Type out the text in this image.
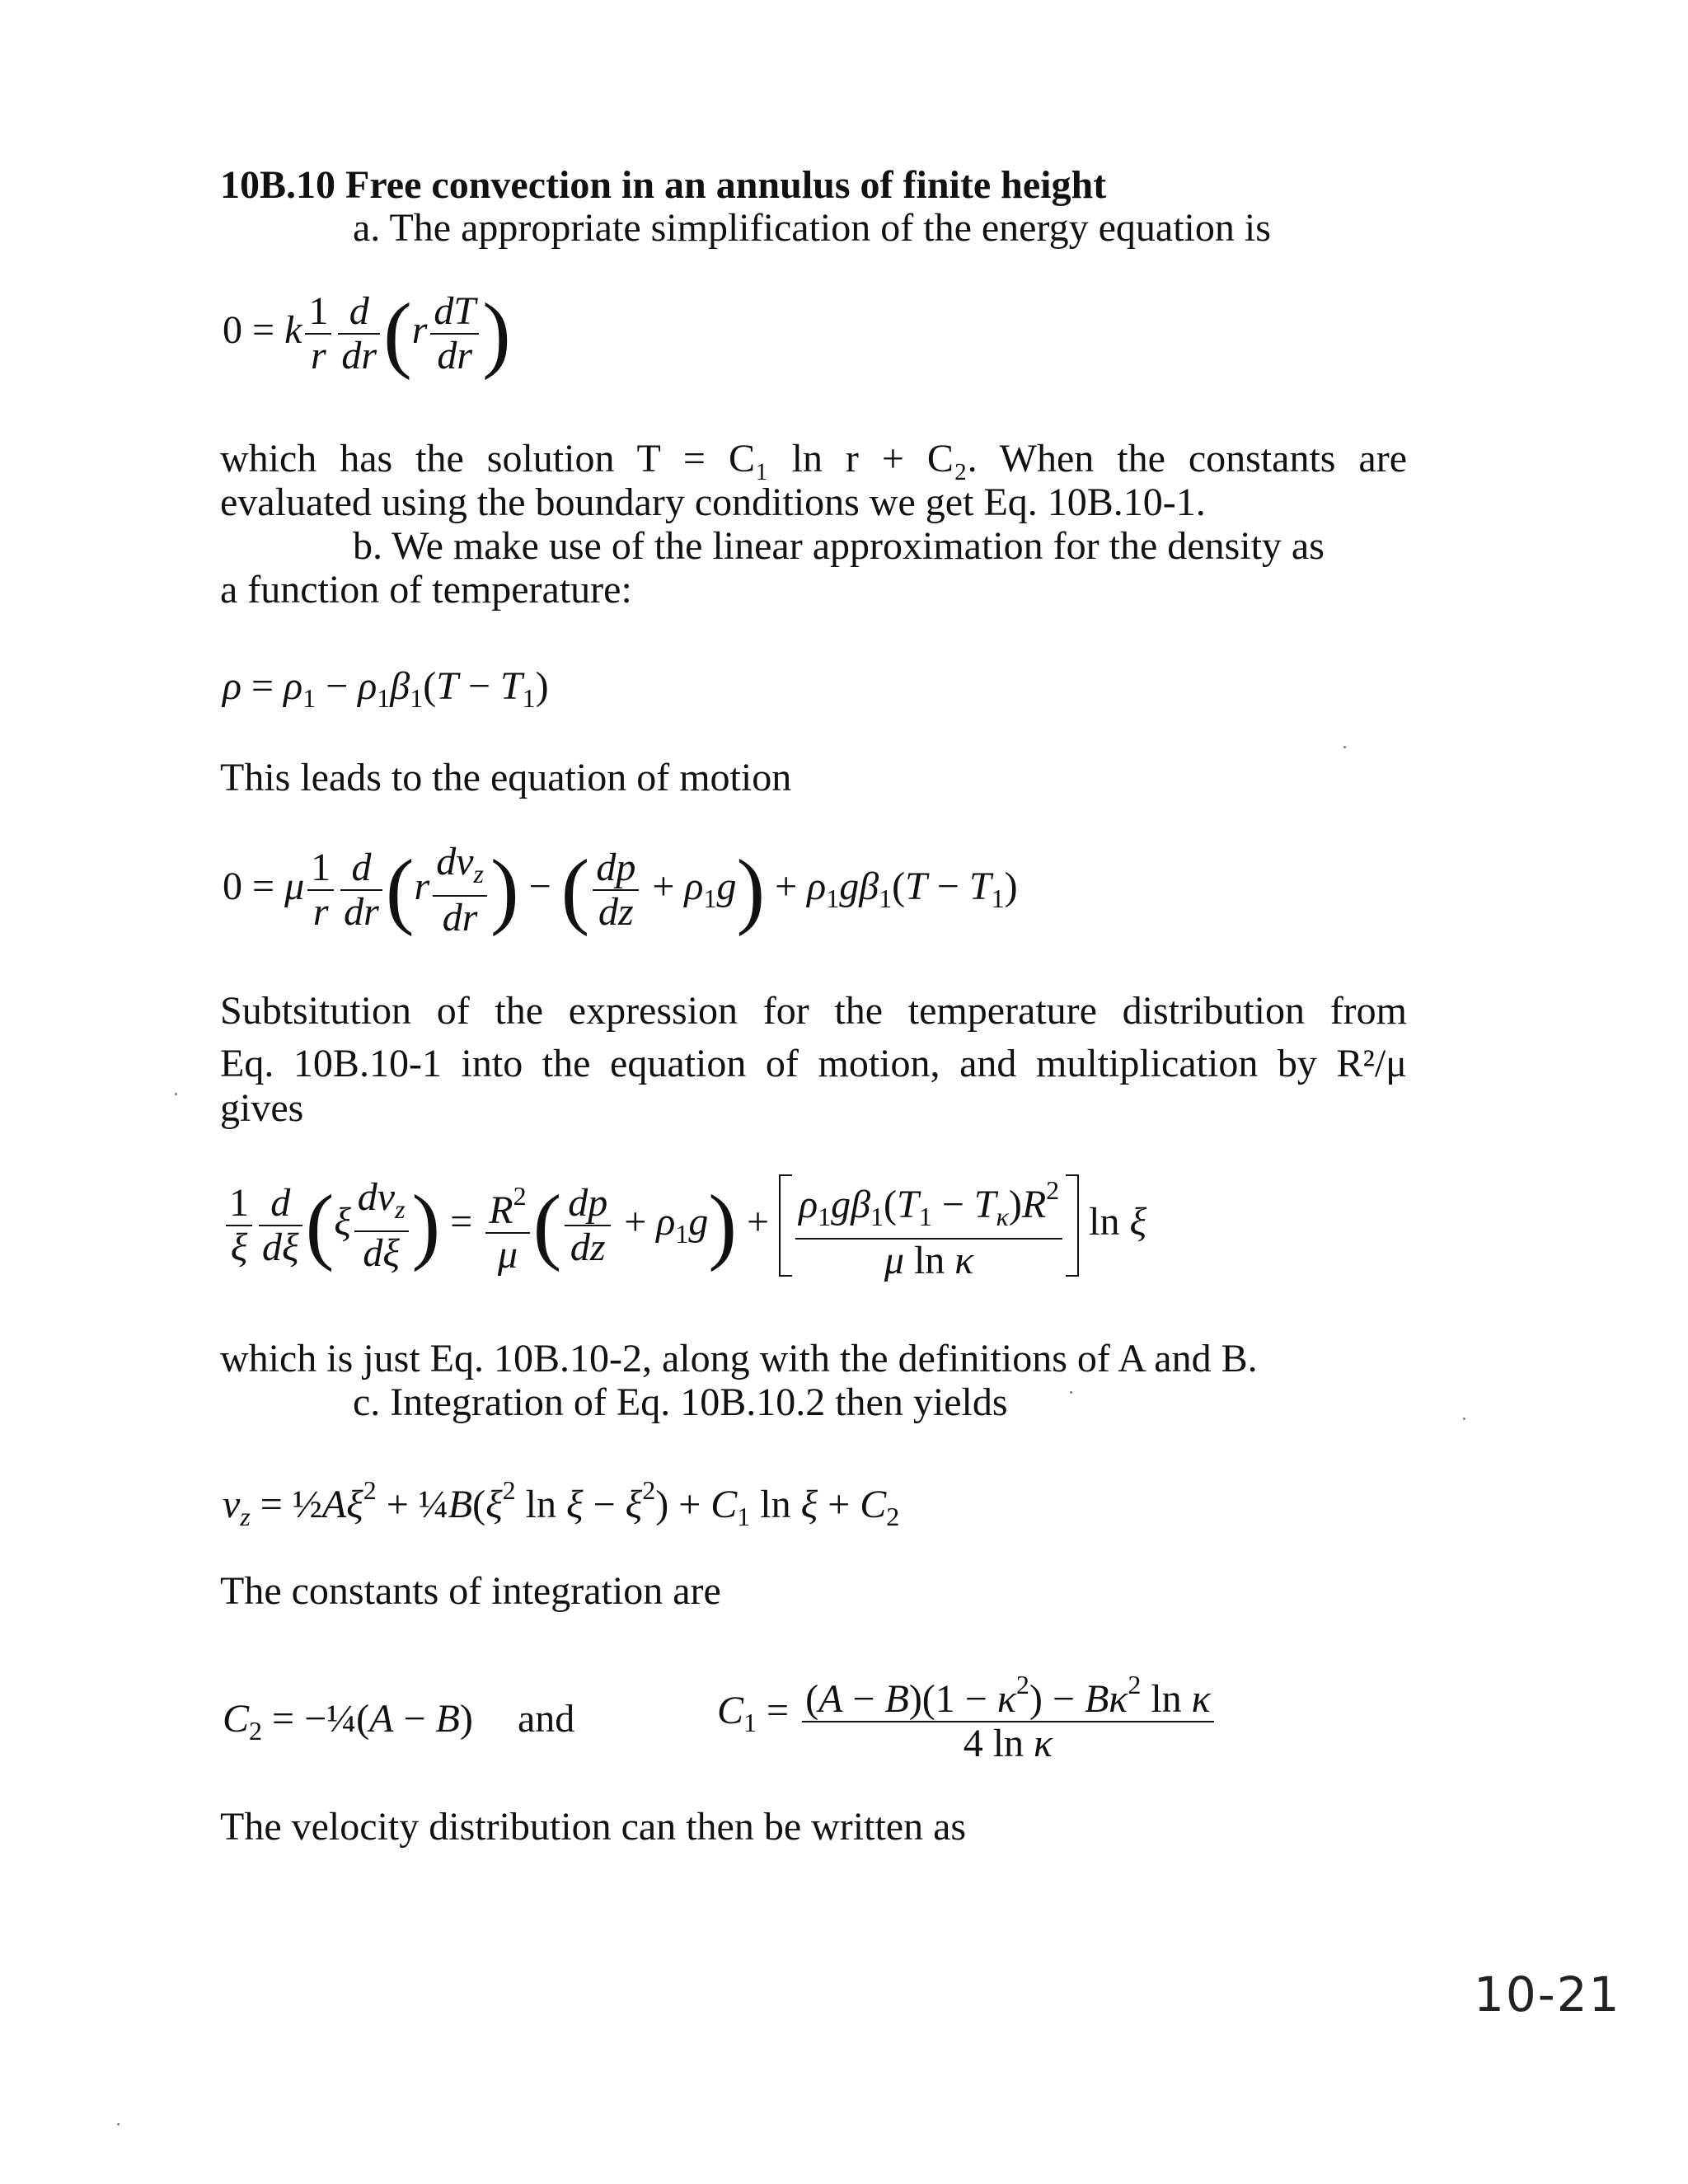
10B.10 Free convection in an annulus of finite height
a. The appropriate simplification of the energy equation is
0 = k $\frac{1}{r} \frac{d}{dr} (r \frac{dT}{dr}$ )
which has the solution T = C₁ ln r + C₂. When the constants are
evaluated using the boundary conditions we get Eq. 10B.10-1.
b. We make use of the linear approximation for the density as
a function of temperature:
$\rho = \rho_1 - \rho_1\beta_1(T - T_1)$
This leads to the equation of motion
0 = μ $\frac{1}{r} \frac{d}{dr} (r \frac{dv_z}{dr}$ ) − ( $\frac{dp}{dz} + \rho_1g) + \rho_1g\beta_1(T - T_1)$
Subtsitution of the expression for the temperature distribution from
Eq. 10B.10-1 into the equation of motion, and multiplication by R²/μ
gives
$\frac{1}{\xi} \frac{d}{d\xi} (\xi \frac{dv_z}{d\xi}$ ) = $\frac{R^2}{\mu}$ ( $\frac{dp}{dz} + \rho_1g) + \frac{\rho_1g\beta_1(T_1 - T_\kappa)R^2}{\text{μ ln κ}}$ ln ξ
which is just Eq. 10B.10-2, along with the definitions of A and B.
c. Integration of Eq. 10B.10.2 then yields
$v_z$ = $\frac{1}{2}A\xi^2$ + $\frac{1}{4}B(\xi^2$ $\ln \xi - \xi^2) + C_1$ $\ln \xi + C_2$
The constants of integration are
$C_2$ = −¼(A − B) and	$C_1 = \frac{(A - B)(1 - \kappa^2) - B\kappa^2 \ln \kappa}{\text{4 ln κ}}$
The velocity distribution can then be written as
10-21
